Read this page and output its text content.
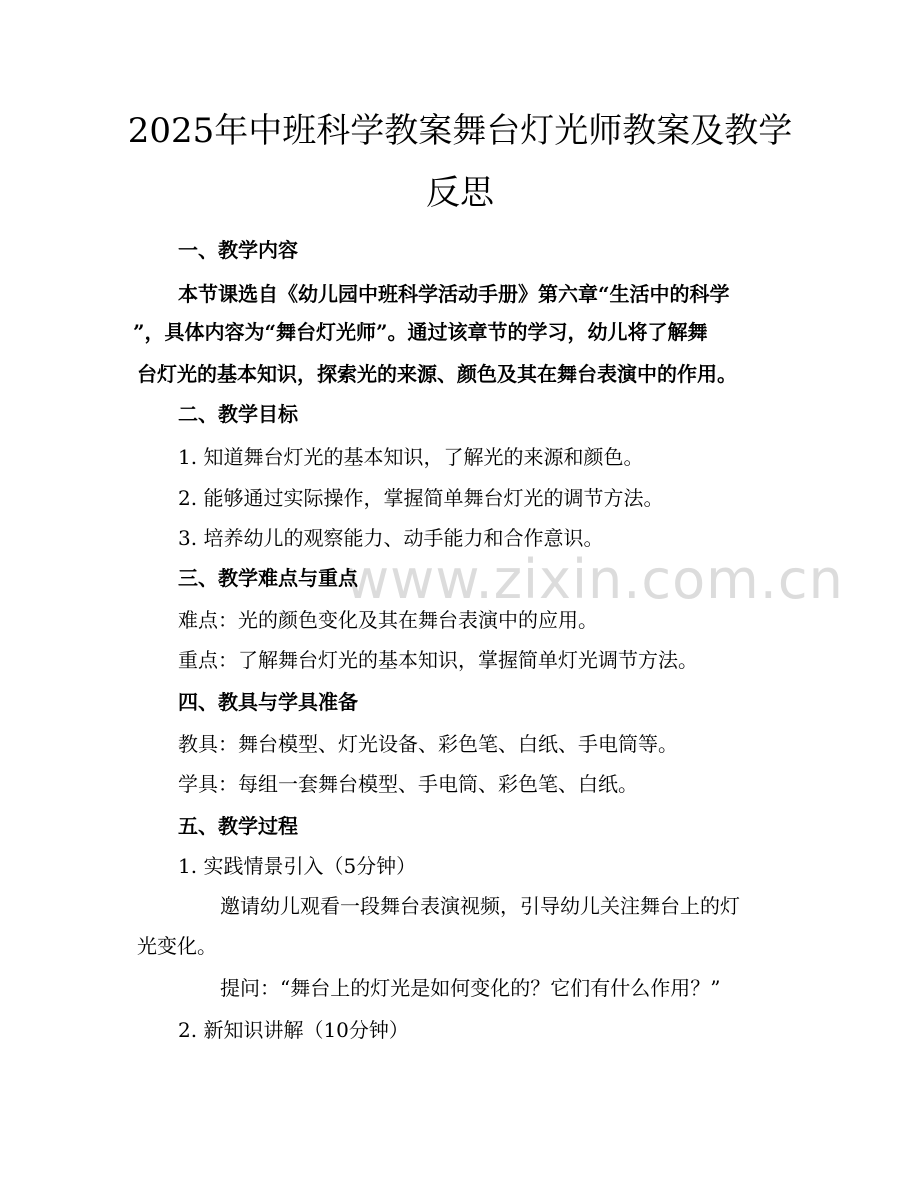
2025年中班科学教案舞台灯光师教案及教学
反思
www.zixin.com.cn
一、教学内容
本节课选自《幼儿园中班科学活动手册》第六章“生活中的科学
”，具体内容为“舞台灯光师”。通过该章节的学习，幼儿将了解舞
台灯光的基本知识，探索光的来源、颜色及其在舞台表演中的作用。
二、教学目标
1. 知道舞台灯光的基本知识，了解光的来源和颜色。
2. 能够通过实际操作，掌握简单舞台灯光的调节方法。
3. 培养幼儿的观察能力、动手能力和合作意识。
三、教学难点与重点
难点：光的颜色变化及其在舞台表演中的应用。
重点：了解舞台灯光的基本知识，掌握简单灯光调节方法。
四、教具与学具准备
教具：舞台模型、灯光设备、彩色笔、白纸、手电筒等。
学具：每组一套舞台模型、手电筒、彩色笔、白纸。
五、教学过程
1. 实践情景引入（5分钟）
邀请幼儿观看一段舞台表演视频，引导幼儿关注舞台上的灯
光变化。
提问：“舞台上的灯光是如何变化的？它们有什么作用？”
2. 新知识讲解（10分钟）
